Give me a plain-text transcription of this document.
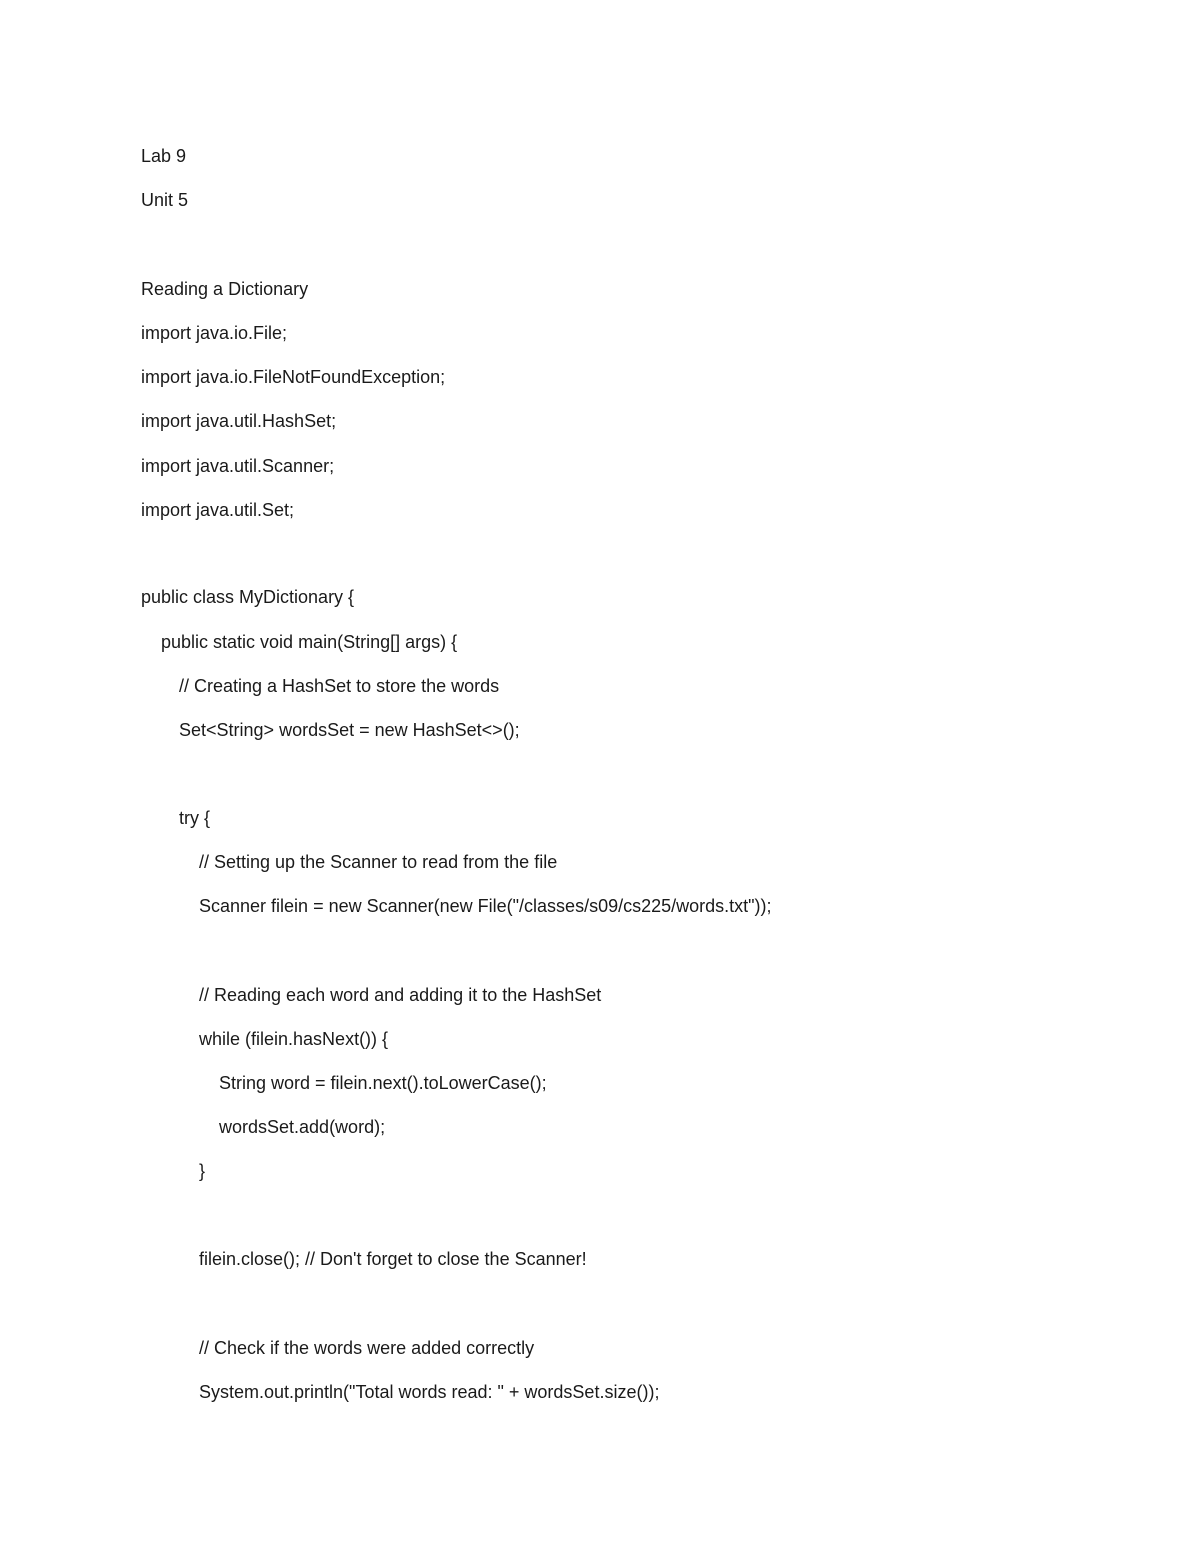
Lab 9
Unit 5
Reading a Dictionary
import java.io.File;
import java.io.FileNotFoundException;
import java.util.HashSet;
import java.util.Scanner;
import java.util.Set;
public class MyDictionary {
public static void main(String[] args) {
// Creating a HashSet to store the words
Set<String> wordsSet = new HashSet<>();
try {
// Setting up the Scanner to read from the file
Scanner filein = new Scanner(new File("/classes/s09/cs225/words.txt"));
// Reading each word and adding it to the HashSet
while (filein.hasNext()) {
String word = filein.next().toLowerCase();
wordsSet.add(word);
}
filein.close(); // Don't forget to close the Scanner!
// Check if the words were added correctly
System.out.println("Total words read: " + wordsSet.size());
